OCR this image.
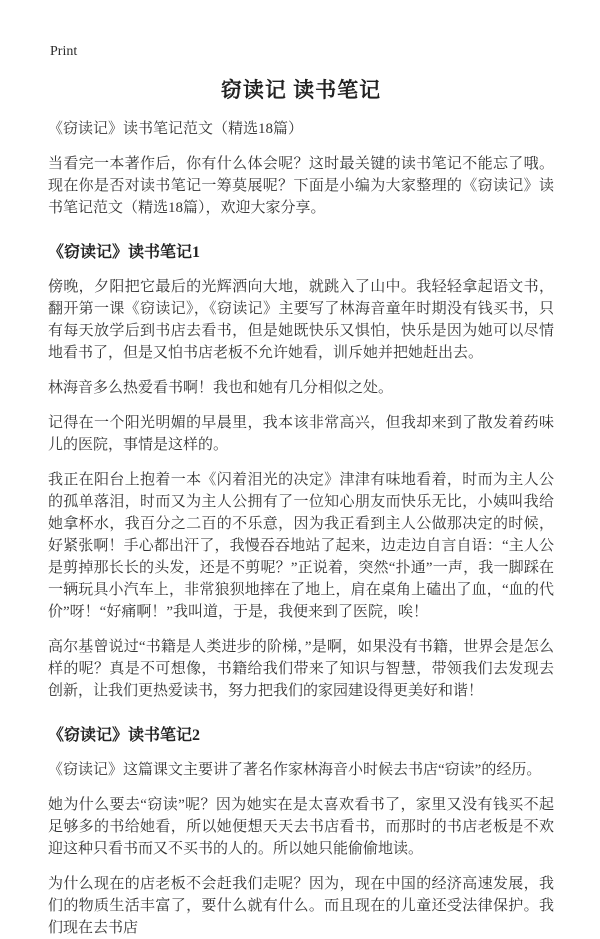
Print
窃读记 读书笔记

《窃读记》读书笔记范文（精选18篇）

当看完一本著作后，你有什么体会呢？这时最关键的读书笔记不能忘了哦。现在你是否对读书笔记一筹莫展呢？下面是小编为大家整理的《窃读记》读书笔记范文（精选18篇），欢迎大家分享。

《窃读记》读书笔记1

傍晚，夕阳把它最后的光辉洒向大地，就跳入了山中。我轻轻拿起语文书，翻开第一课《窃读记》，《窃读记》主要写了林海音童年时期没有钱买书，只有每天放学后到书店去看书，但是她既快乐又惧怕，快乐是因为她可以尽情地看书了，但是又怕书店老板不允许她看，训斥她并把她赶出去。

林海音多么热爱看书啊！我也和她有几分相似之处。

记得在一个阳光明媚的早晨里，我本该非常高兴，但我却来到了散发着药味儿的医院，事情是这样的。

我正在阳台上抱着一本《闪着泪光的决定》津津有味地看着，时而为主人公的孤单落泪，时而又为主人公拥有了一位知心朋友而快乐无比，小姨叫我给她拿杯水，我百分之二百的不乐意，因为我正看到主人公做那决定的时候，好紧张啊！手心都出汗了，我慢吞吞地站了起来，边走边自言自语：“主人公是剪掉那长长的头发，还是不剪呢？”正说着，突然“扑通”一声，我一脚踩在一辆玩具小汽车上，非常狼狈地摔在了地上，肩在桌角上磕出了血，“血的代价”呀！“好痛啊！”我叫道，于是，我便来到了医院，唉！

高尔基曾说过“书籍是人类进步的阶梯，”是啊，如果没有书籍，世界会是怎么样的呢？真是不可想像，书籍给我们带来了知识与智慧，带领我们去发现去创新，让我们更热爱读书，努力把我们的家园建设得更美好和谐！

《窃读记》读书笔记2

《窃读记》这篇课文主要讲了著名作家林海音小时候去书店“窃读”的经历。

她为什么要去“窃读”呢？因为她实在是太喜欢看书了，家里又没有钱买不起足够多的书给她看，所以她便想天天去书店看书，而那时的书店老板是不欢迎这种只看书而又不买书的人的。所以她只能偷偷地读。

为什么现在的店老板不会赶我们走呢？因为，现在中国的经济高速发展，我们的物质生活丰富了，要什么就有什么。而且现在的儿童还受法律保护。我们现在去书店
